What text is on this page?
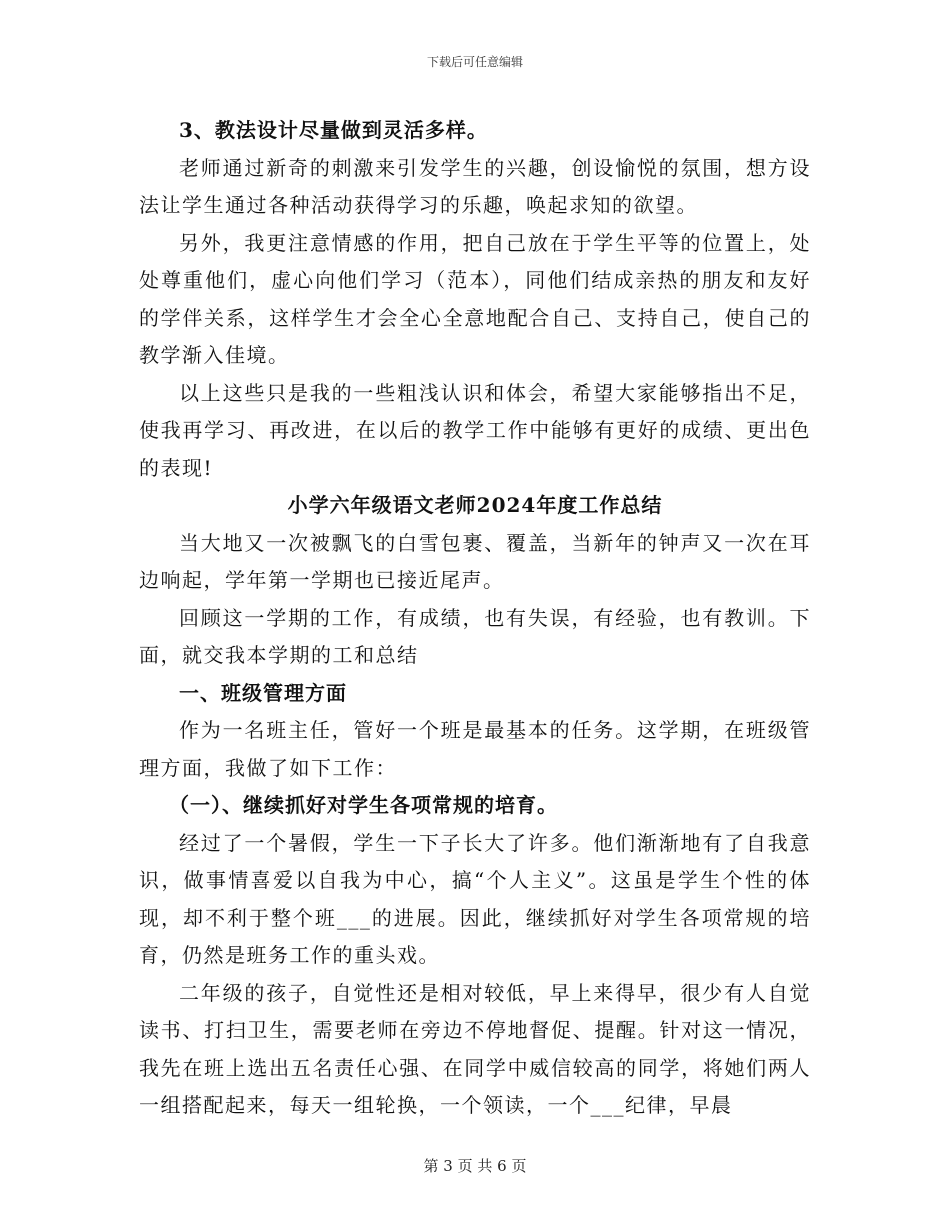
下载后可任意编辑

3、教法设计尽量做到灵活多样。

老师通过新奇的刺激来引发学生的兴趣，创设愉悦的氛围，想方设法让学生通过各种活动获得学习的乐趣，唤起求知的欲望。

另外，我更注意情感的作用，把自己放在于学生平等的位置上，处处尊重他们，虚心向他们学习（范本），同他们结成亲热的朋友和友好的学伴关系，这样学生才会全心全意地配合自己、支持自己，使自己的教学渐入佳境。

以上这些只是我的一些粗浅认识和体会，希望大家能够指出不足，使我再学习、再改进，在以后的教学工作中能够有更好的成绩、更出色的表现!

小学六年级语文老师2024年度工作总结

当大地又一次被飘飞的白雪包裹、覆盖，当新年的钟声又一次在耳边响起，学年第一学期也已接近尾声。

回顾这一学期的工作，有成绩，也有失误，有经验，也有教训。下面，就交我本学期的工和总结

一、班级管理方面

作为一名班主任，管好一个班是最基本的任务。这学期，在班级管理方面，我做了如下工作：

（一）、继续抓好对学生各项常规的培育。

经过了一个暑假，学生一下子长大了许多。他们渐渐地有了自我意识，做事情喜爱以自我为中心，搞“个人主义”。这虽是学生个性的体现，却不利于整个班___的进展。因此，继续抓好对学生各项常规的培育，仍然是班务工作的重头戏。

二年级的孩子，自觉性还是相对较低，早上来得早，很少有人自觉读书、打扫卫生，需要老师在旁边不停地督促、提醒。针对这一情况，我先在班上选出五名责任心强、在同学中威信较高的同学，将她们两人一组搭配起来，每天一组轮换，一个领读，一个___纪律，早晨

第 3 页 共 6 页
